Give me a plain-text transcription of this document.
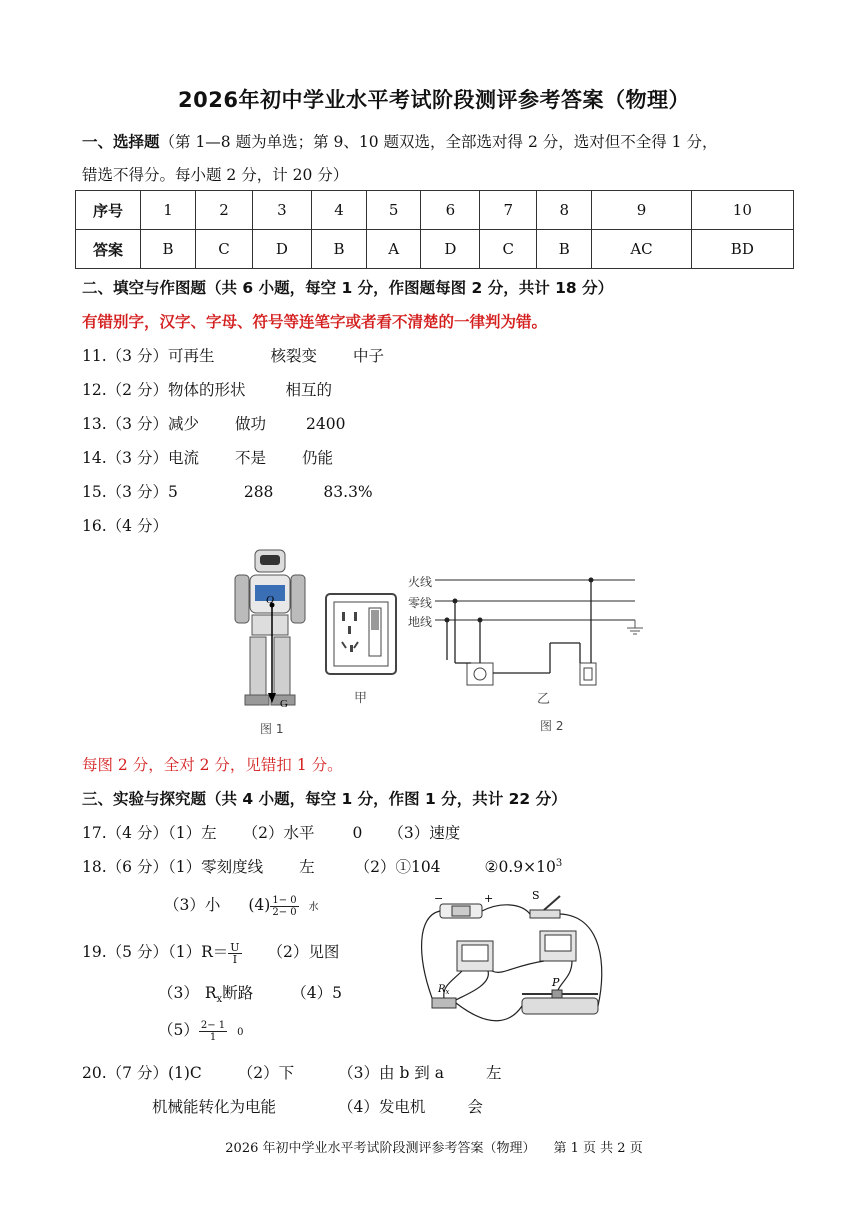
2026年初中学业水平考试阶段测评参考答案（物理）
一、选择题（第 1—8 题为单选；第 9、10 题双选，全部选对得 2 分，选对但不全得 1 分，
错选不得分。每小题 2 分，计 20 分）
序号	1	2	3	4	5	6	7	8	9	10
答案	B	C	D	B	A	D	C	B	AC	BD
二、填空与作图题（共 6 小题，每空 1 分，作图题每图 2 分，共计 18 分）
有错别字，汉字、字母、符号等连笔字或者看不清楚的一律判为错。
11.（3 分）可再生	核裂变 中子
12.（2 分）物体的形状	相互的
13.（3 分）减少 做功	2400
14.（3 分）电流 不是 仍能
15.（3 分）5	288	83.3%
16.（4 分）
O
G
图 1
甲
火线
零线
地线
乙
图 2
每图 2 分，全对 2 分，见错扣 1 分。
三、实验与探究题（共 4 小题，每空 1 分，作图 1 分，共计 22 分）
17.（4 分）（1）左 （2）水平 0 （3）速度
18.（6 分）（1）零刻度线 左	（2）①104	$②0.9\times 10^3$
（3）小 $(4) \frac{1- 0}{2- 0}$ 水
19.（5 分）$(1)R= \frac{U}{I} (2)$见图
（3） $R_x$断路 （4）5
$(5) \frac{2- 1}{1} 0$
−	+	S
$R_x$
P
20.（7 分）(1)C （2）下	（3）由 b 到 a	左
机械能转化为电能	（4）发电机	会
2026 年初中学业水平考试阶段测评参考答案（物理） 第 1 页 共 2 页
